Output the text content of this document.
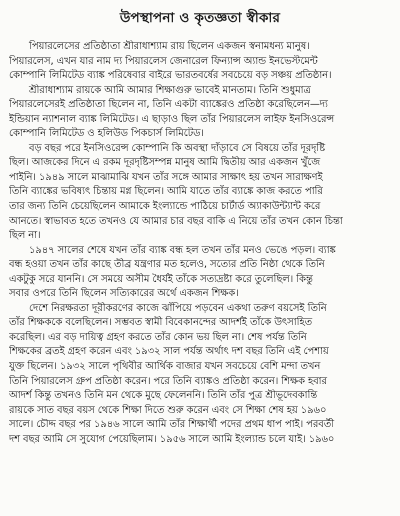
উপস্থাপনা ও কৃতজ্ঞতা স্বীকার
পিয়ারলেসের প্রতিষ্ঠাতা শ্রীরাধাশ্যাম রায় ছিলেন একজন স্বনামধন্য মানুষ।
পিয়ারলেস, এখন যার নাম দ্য পিয়ারলেস জেনারেল ফিন্যান্স অ্যান্ড ইনভেস্টমেন্ট
কোম্পানি লিমিটেড ব্যাঙ্ক পরিষেবার বাইরে ভারতবর্ষের সবচেয়ে বড় সঞ্চয় প্রতিষ্ঠান।
শ্রীরাধাশ্যাম রায়কে আমি আমার শিক্ষাগুরু ভাবেই মানতাম। তিনি শুধুমাত্র
পিয়ারলেসেরই প্রতিষ্ঠাতা ছিলেন না, তিনি একটা ব্যাঙ্কেরও প্রতিষ্ঠা করেছিলেন—দ্য
ইন্ডিয়ান ন্যাশনাল ব্যাঙ্ক লিমিটেড। এ ছাড়াও ছিল তাঁর পিয়ারলেস লাইফ ইনসিওরেন্স
কোম্পানি লিমিটেড ও হলিউড পিকচার্স লিমিটেড।
বড় বছর পরে ইনসিওরেন্স কোম্পানি কি অবস্থা দাঁড়াবে সে বিষয়ে তাঁর দূরদৃষ্টি
ছিল। আজকের দিনে এ রকম দূরদৃষ্টিসম্পন্ন মানুষ আমি দ্বিতীয় আর একজন খুঁজে
পাইনি। ১৯৪৯ সালে মাঝামাঝি যখন তাঁর সঙ্গে আমার সাক্ষাৎ হয় তখন সারাক্ষণই
তিনি ব্যাঙ্কের ভবিষ্যৎ চিন্তায় মগ্ন ছিলেন। আমি যাতে তাঁর ব্যাঙ্কে কাজ করতে পারি
তার জন্য তিনি চেয়েছিলেন আমাকে ইংল্যান্ডে পাঠিয়ে চার্টার্ড অ্যাকাউন্ট্যান্ট করে
আনতে। স্বাভাবত হতে তখনও যে আমার চার বছর বাকি এ নিয়ে তাঁর তখন কোন চিন্তা
ছিল না।
১৯৪৭ সালের শেষে যখন তাঁর ব্যাঙ্ক বন্ধ হল তখন তাঁর মনও ভেঙে পড়ল। ব্যাঙ্ক
বন্ধ হওয়া তখন তাঁর কাছে তীব্র যন্ত্রণার মত হলেও, সত্যের প্রতি নিষ্ঠা থেকে তিনি
একটুকু সরে যাননি। সে সময়ে অসীম ধৈর্যই তাঁকে সত্যদ্রষ্টা করে তুলেছিল। কিন্তু
সবার ওপরে তিনি ছিলেন সত্যিকারের অর্থে একজন শিক্ষক।
দেশে নিরক্ষরতা দূরীকরণের কাজে ঝাঁপিয়ে পড়বেন একথা তরুণ বয়সেই তিনি
তাঁর শিক্ষককে বলেছিলেন। সম্ভবত স্বামী বিবেকানন্দের আদর্শই তাঁকে উৎসাহিত
করেছিল। এর বড় দায়িত্ব গ্রহণ করতে তাঁর কোন ভয় ছিল না। শেষ পর্যন্ত তিনি
শিক্ষকের ব্রতই গ্রহণ করেন এবং ১৯৩২ সাল পর্যন্ত অর্থাৎ দশ বছর তিনি এই পেশায়
যুক্ত ছিলেন। ১৯৩২ সালে পৃথিবীর আর্থিক বাজার যখন সবচেয়ে বেশি মন্দা তখন
তিনি পিয়ারলেস গ্রুপ প্রতিষ্ঠা করেন। পরে তিনি ব্যাঙ্কও প্রতিষ্ঠা করেন। শিক্ষক হবার
আদর্শ কিন্তু তখনও তিনি মন থেকে মুছে ফেলেননি। তিনি তাঁর পুত্র শ্রীভূদেবকান্তি
রায়কে সাত বছর বয়স থেকে শিক্ষা দিতে শুরু করেন এবং সে শিক্ষা শেষ হয় ১৯৬০
সালে। চৌদ্দ বছর পর ১৯৪৬ সালে আমি তাঁর শিক্ষার্থী পদের প্রথম ধাপ পাই। পরবর্তী
দশ বছর আমি সে সুযোগ পেয়েছিলাম। ১৯৫৬ সালে আমি ইংল্যান্ড চলে যাই। ১৯৬০
